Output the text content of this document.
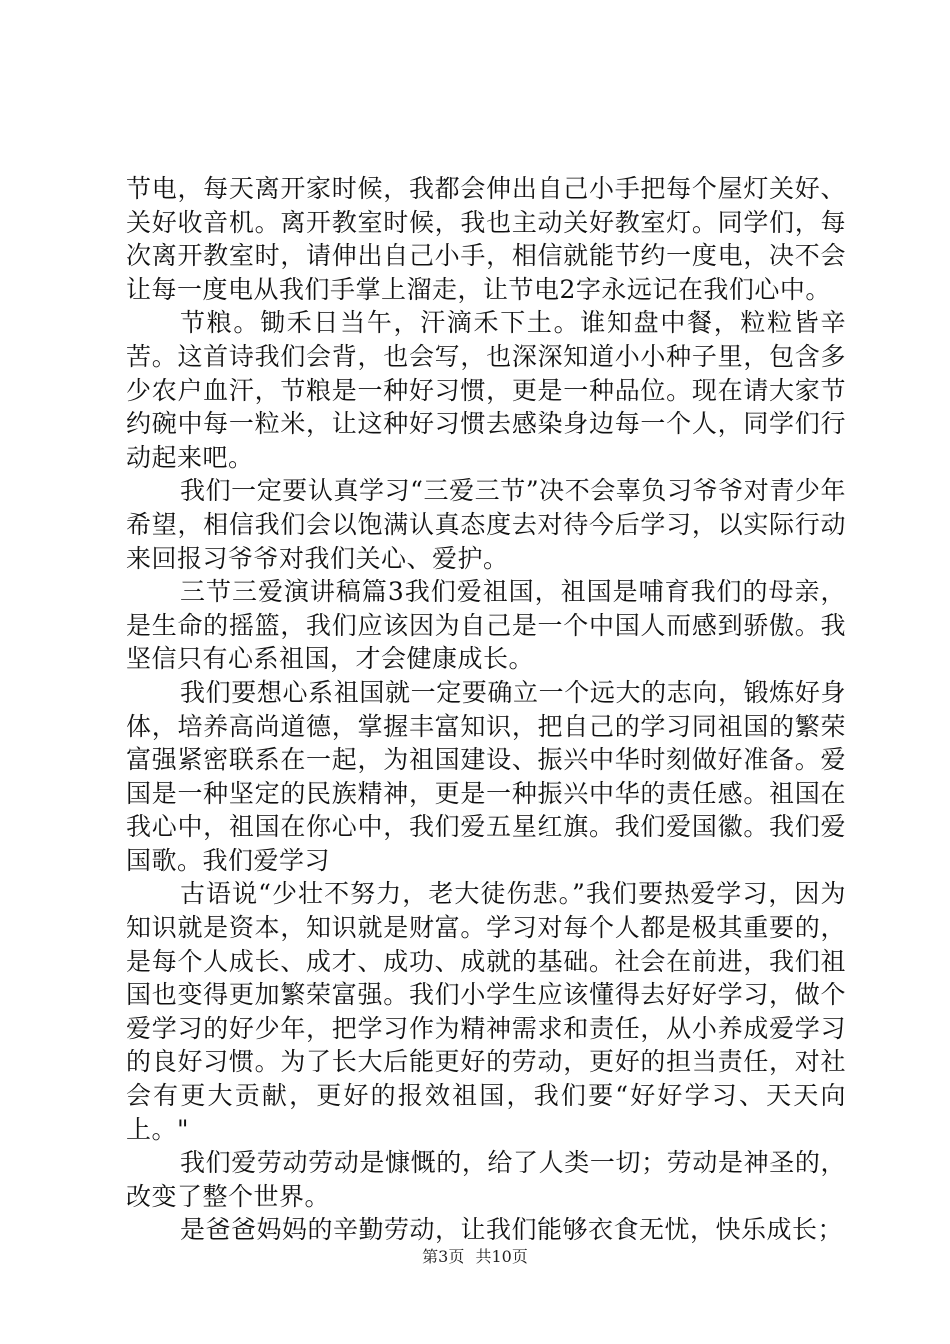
节电，每天离开家时候，我都会伸出自己小手把每个屋灯关好、关好收音机。离开教室时候，我也主动关好教室灯。同学们，每次离开教室时，请伸出自己小手，相信就能节约一度电，决不会让每一度电从我们手掌上溜走，让节电2字永远记在我们心中。

节粮。锄禾日当午，汗滴禾下土。谁知盘中餐，粒粒皆辛苦。这首诗我们会背，也会写，也深深知道小小种子里，包含多少农户血汗，节粮是一种好习惯，更是一种品位。现在请大家节约碗中每一粒米，让这种好习惯去感染身边每一个人，同学们行动起来吧。

我们一定要认真学习“三爱三节”决不会辜负习爷爷对青少年希望，相信我们会以饱满认真态度去对待今后学习，以实际行动来回报习爷爷对我们关心、爱护。

三节三爱演讲稿篇3我们爱祖国，祖国是哺育我们的母亲，是生命的摇篮，我们应该因为自己是一个中国人而感到骄傲。我坚信只有心系祖国，才会健康成长。

我们要想心系祖国就一定要确立一个远大的志向，锻炼好身体，培养高尚道德，掌握丰富知识，把自己的学习同祖国的繁荣富强紧密联系在一起，为祖国建设、振兴中华时刻做好准备。爱国是一种坚定的民族精神，更是一种振兴中华的责任感。祖国在我心中，祖国在你心中，我们爱五星红旗。我们爱国徽。我们爱国歌。我们爱学习

古语说“少壮不努力，老大徒伤悲。”我们要热爱学习，因为知识就是资本，知识就是财富。学习对每个人都是极其重要的，是每个人成长、成才、成功、成就的基础。社会在前进，我们祖国也变得更加繁荣富强。我们小学生应该懂得去好好学习，做个爱学习的好少年，把学习作为精神需求和责任，从小养成爱学习的良好习惯。为了长大后能更好的劳动，更好的担当责任，对社会有更大贡献，更好的报效祖国，我们要“好好学习、天天向上。"

我们爱劳动劳动是慷慨的，给了人类一切；劳动是神圣的，改变了整个世界。

是爸爸妈妈的辛勤劳动，让我们能够衣食无忧，快乐成长；

第3页 共10页
